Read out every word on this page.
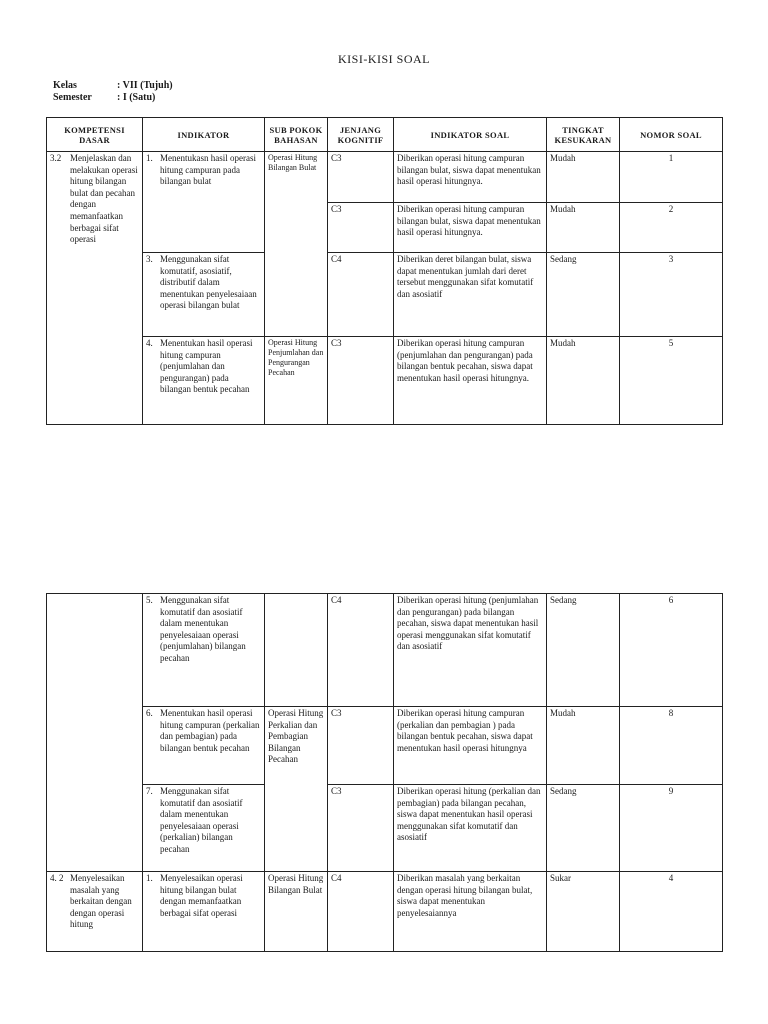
KISI-KISI SOAL
Kelas	: VII (Tujuh)
Semester	: I (Satu)
KOMPETENSI DASAR	INDIKATOR	SUB POKOK BAHASAN	JENJANG KOGNITIF	INDIKATOR SOAL	TINGKAT KESUKARAN	NOMOR SOAL

3.2 Menjelaskan dan melakukan operasi hitung bilangan bulat dan pecahan dengan memanfaatkan berbagai sifat operasi	1. Menentukasn hasil operasi hitung campuran pada bilangan bulat	Operasi Hitung Bilangan Bulat	C3	Diberikan operasi hitung campuran bilangan bulat, siswa dapat menentukan hasil operasi hitungnya.	Mudah	1
			C3	Diberikan operasi hitung campuran bilangan bulat, siswa dapat menentukan hasil operasi hitungnya.	Mudah	2

	3. Menggunakan sifat komutatif, asosiatif, distributif dalam menentukan penyelesaiaan operasi bilangan bulat		C4	Diberikan deret bilangan bulat, siswa dapat menentukan jumlah dari deret tersebut menggunakan sifat komutatif dan asosiatif	Sedang	3

	4. Menentukan hasil operasi hitung campuran (penjumlahan dan pengurangan) pada bilangan bentuk pecahan	Operasi Hitung Penjumlahan dan Pengurangan Pecahan	C3	Diberikan operasi hitung campuran (penjumlahan dan pengurangan) pada bilangan bentuk pecahan, siswa dapat menentukan hasil operasi hitungnya.	Mudah	5

	5. Menggunakan sifat komutatif dan asosiatif dalam menentukan penyelesaiaan operasi (penjumlahan) bilangan pecahan		C4	Diberikan operasi hitung (penjumlahan dan pengurangan) pada bilangan pecahan, siswa dapat menentukan hasil operasi menggunakan sifat komutatif dan asosiatif	Sedang	6

	6. Menentukan hasil operasi hitung campuran (perkalian dan pembagian) pada bilangan bentuk pecahan	Operasi Hitung Perkalian dan Pembagian Bilangan Pecahan	C3	Diberikan operasi hitung campuran (perkalian dan pembagian ) pada bilangan bentuk pecahan, siswa dapat menentukan hasil operasi hitungnya	Mudah	8

	7. Menggunakan sifat komutatif dan asosiatif dalam menentukan penyelesaiaan operasi (perkalian) bilangan pecahan		C3	Diberikan operasi hitung (perkalian dan pembagian) pada bilangan pecahan, siswa dapat menentukan hasil operasi menggunakan sifat komutatif dan asosiatif	Sedang	9

4. 2 Menyelesaikan masalah yang berkaitan dengan dengan operasi hitung	1. Menyelesaikan operasi hitung bilangan bulat dengan memanfaatkan berbagai sifat operasi	Operasi Hitung Bilangan Bulat	C4	Diberikan masalah yang berkaitan dengan operasi hitung bilangan bulat, siswa dapat menentukan penyelesaiannya	Sukar	4
